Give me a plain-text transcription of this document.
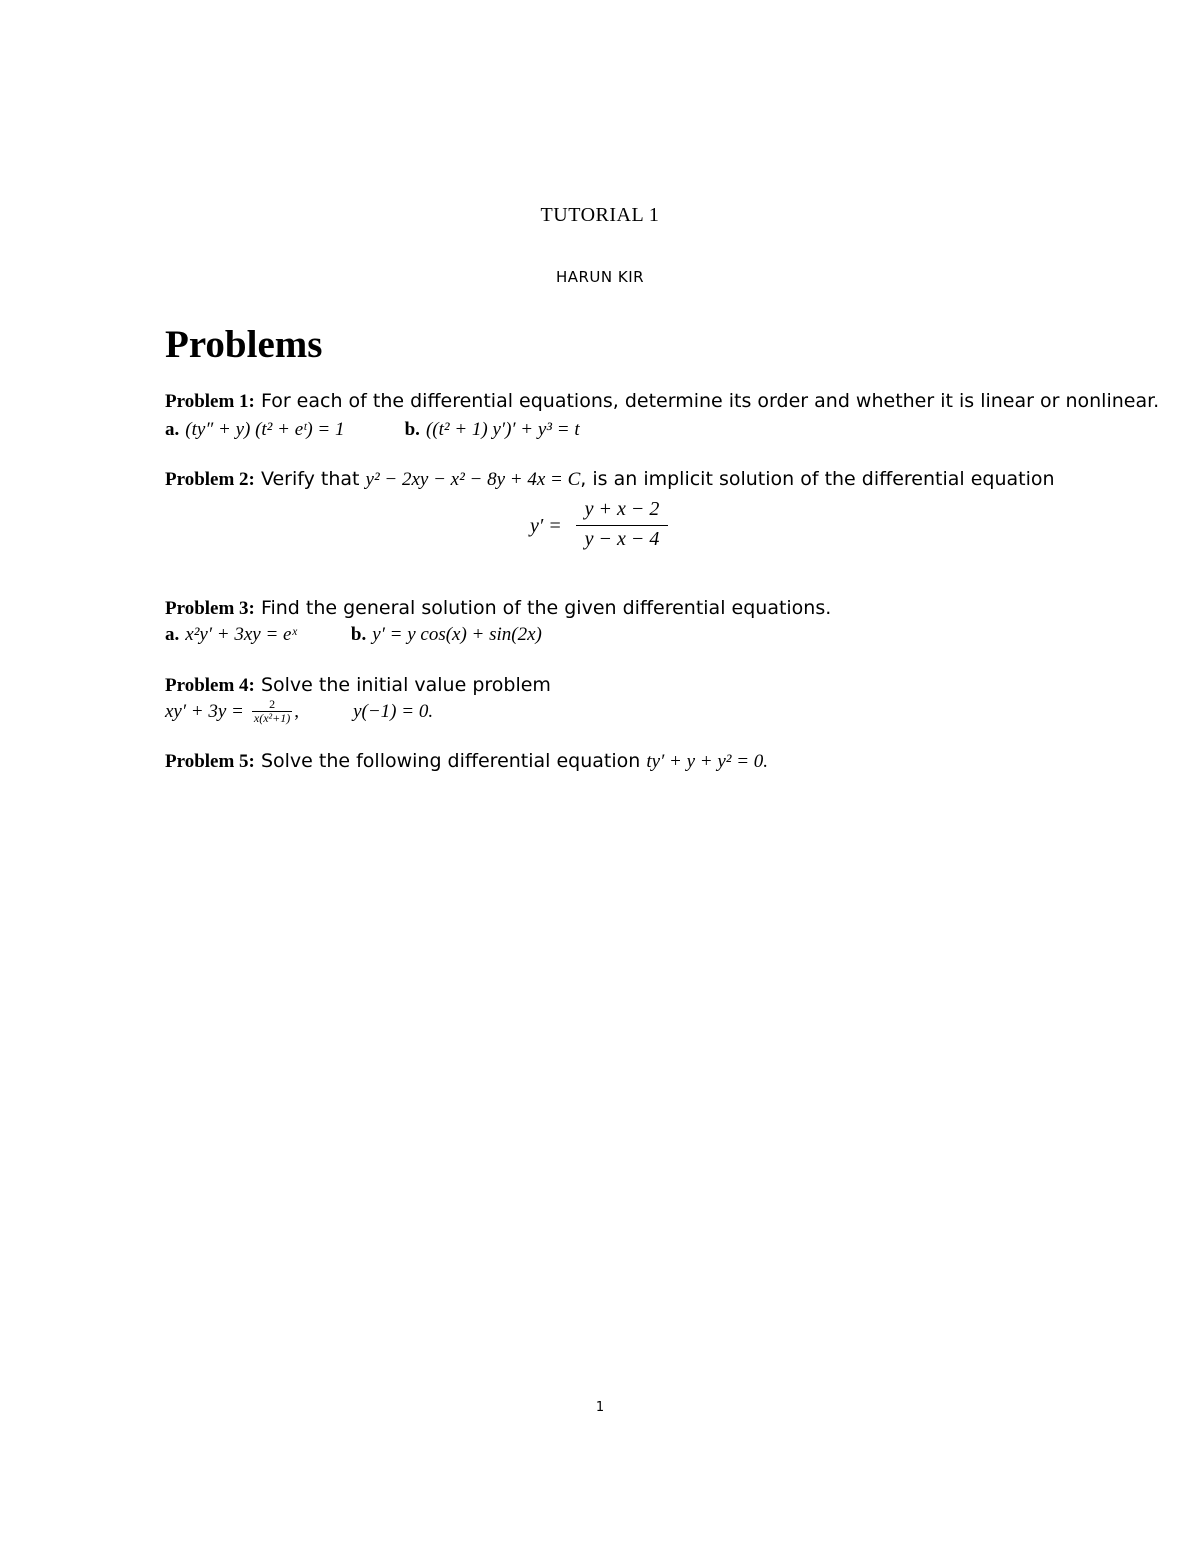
TUTORIAL 1
HARUN KIR
Problems
Problem 1: For each of the differential equations, determine its order and whether it is linear or nonlinear.
a. (ty″ + y) (t² + eᵗ) = 1	b. ((t² + 1) y′)′ + y³ = t
Problem 2: Verify that y² − 2xy − x² − 8y + 4x = C, is an implicit solution of the differential equation
y′ =
y + x − 2
y − x − 4
Problem 3: Find the general solution of the given differential equations.
a. x²y′ + 3xy = eˣ	b. y′ = y cos(x) + sin(2x)
Problem 4: Solve the initial value problem
$xy' + 3y = \frac{2}{\text{x(x²+1)}}$ ,	y(−1) = 0.
Problem 5: Solve the following differential equation ty′ + y + y² = 0.
1
